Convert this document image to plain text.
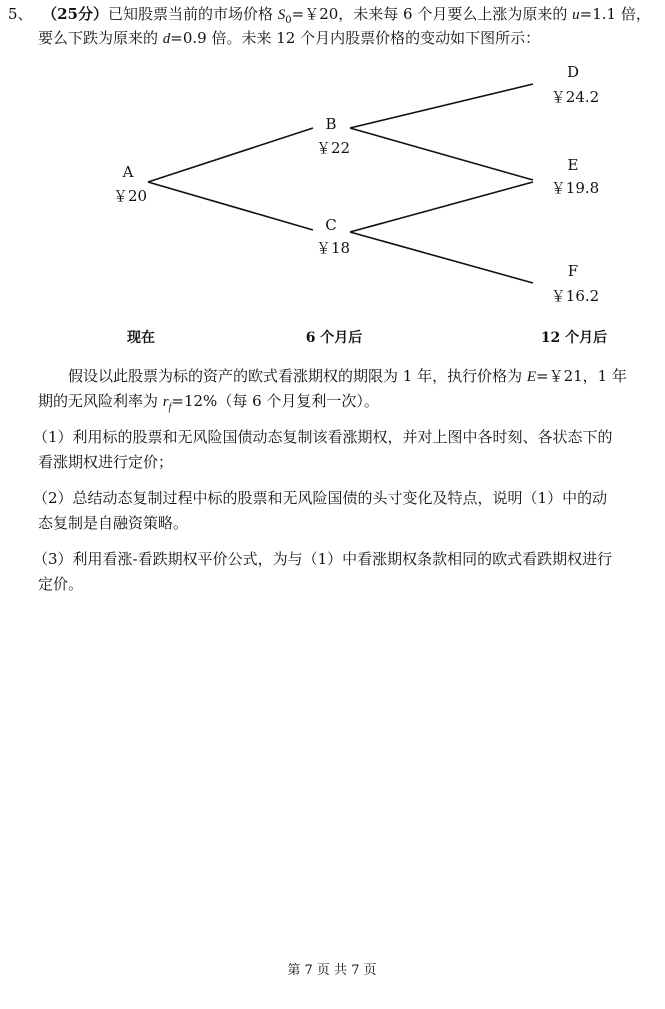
5、 （25分）已知股票当前的市场价格 $S_0=$￥20，未来每 6 个月要么上涨为原来的 u=1.1 倍，
要么下跌为原来的 d=0.9 倍。未来 12 个月内股票价格的变动如下图所示：
A
￥20
B
￥22
C
￥18
D
￥24.2
E
￥19.8
F
￥16.2
现在	6 个月后	12 个月后
假设以此股票为标的资产的欧式看涨期权的期限为 1 年，执行价格为 E=￥21，1 年
期的无风险利率为 $r_f=12\%$（每 6 个月复利一次）。
（1）利用标的股票和无风险国债动态复制该看涨期权，并对上图中各时刻、各状态下的
看涨期权进行定价；
（2）总结动态复制过程中标的股票和无风险国债的头寸变化及特点，说明（1）中的动
态复制是自融资策略。
（3）利用看涨-看跌期权平价公式，为与（1）中看涨期权条款相同的欧式看跌期权进行
定价。
第 7 页 共 7 页
